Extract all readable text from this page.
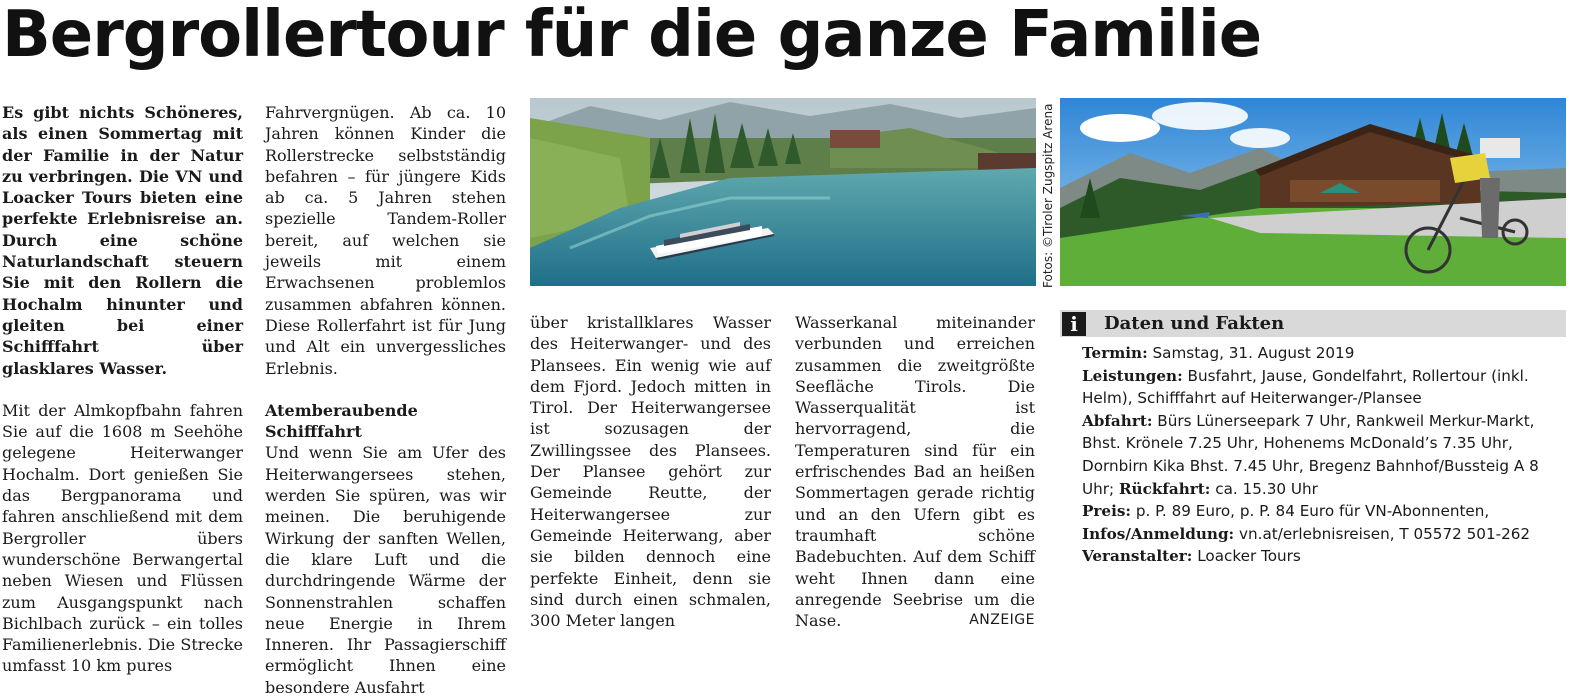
Bergrollertour für die ganze Familie

Es gibt nichts Schöneres, als einen Sommertag mit der Familie in der Natur zu verbringen. Die VN und Loacker Tours bieten eine perfekte Erlebnisreise an. Durch eine schöne Naturlandschaft steuern Sie mit den Rollern die Hochalm hinunter und gleiten bei einer Schifffahrt über glasklares Wasser.

Mit der Almkopfbahn fahren Sie auf die 1608 m Seehöhe gelegene Heiterwanger Hochalm. Dort genießen Sie das Bergpanorama und fahren anschließend mit dem Bergroller übers wunderschöne Berwangertal neben Wiesen und Flüssen zum Ausgangspunkt nach Bichlbach zurück – ein tolles Familienerlebnis. Die Strecke umfasst 10 km pures

Fahrvergnügen. Ab ca. 10 Jahren können Kinder die Rollerstrecke selbstständig befahren – für jüngere Kids ab ca. 5 Jahren stehen spezielle Tandem-Roller bereit, auf welchen sie jeweils mit einem Erwachsenen problemlos zusammen abfahren können. Diese Rollerfahrt ist für Jung und Alt ein unvergessliches Erlebnis.

Atemberaubende Schifffahrt

Und wenn Sie am Ufer des Heiterwangersees stehen, werden Sie spüren, was wir meinen. Die beruhigende Wirkung der sanften Wellen, die klare Luft und die durchdringende Wärme der Sonnenstrahlen schaffen neue Energie in Ihrem Inneren. Ihr Passagierschiff ermöglicht Ihnen eine besondere Ausfahrt

Fotos: ©Tiroler Zugspitz Arena

über kristallklares Wasser des Heiterwanger- und des Plansees. Ein wenig wie auf dem Fjord. Jedoch mitten in Tirol. Der Heiterwangersee ist sozusagen der Zwillingssee des Plansees. Der Plansee gehört zur Gemeinde Reutte, der Heiterwangersee zur Gemeinde Heiterwang, aber sie bilden dennoch eine perfekte Einheit, denn sie sind durch einen schmalen, 300 Meter langen

Wasserkanal miteinander verbunden und erreichen zusammen die zweitgrößte Seefläche Tirols. Die Wasserqualität ist hervorragend, die Temperaturen sind für ein erfrischendes Bad an heißen Sommertagen gerade richtig und an den Ufern gibt es traumhaft schöne Badebuchten. Auf dem Schiff weht Ihnen dann eine anregende Seebrise um die Nase.	ANZEIGE

i	Daten und Fakten

Termin: Samstag, 31. August 2019

Leistungen: Busfahrt, Jause, Gondelfahrt, Rollertour (inkl. Helm), Schifffahrt auf Heiterwanger-/Plansee

Abfahrt: Bürs Lünerseepark 7 Uhr, Rankweil Merkur-Markt, Bhst. Krönele 7.25 Uhr, Hohenems McDonald’s 7.35 Uhr, Dornbirn Kika Bhst. 7.45 Uhr, Bregenz Bahnhof/Bussteig A 8 Uhr; Rückfahrt: ca. 15.30 Uhr

Preis: p. P. 89 Euro, p. P. 84 Euro für VN-Abonnenten,

Infos/Anmeldung: vn.at/erlebnisreisen, T 05572 501-262

Veranstalter: Loacker Tours
